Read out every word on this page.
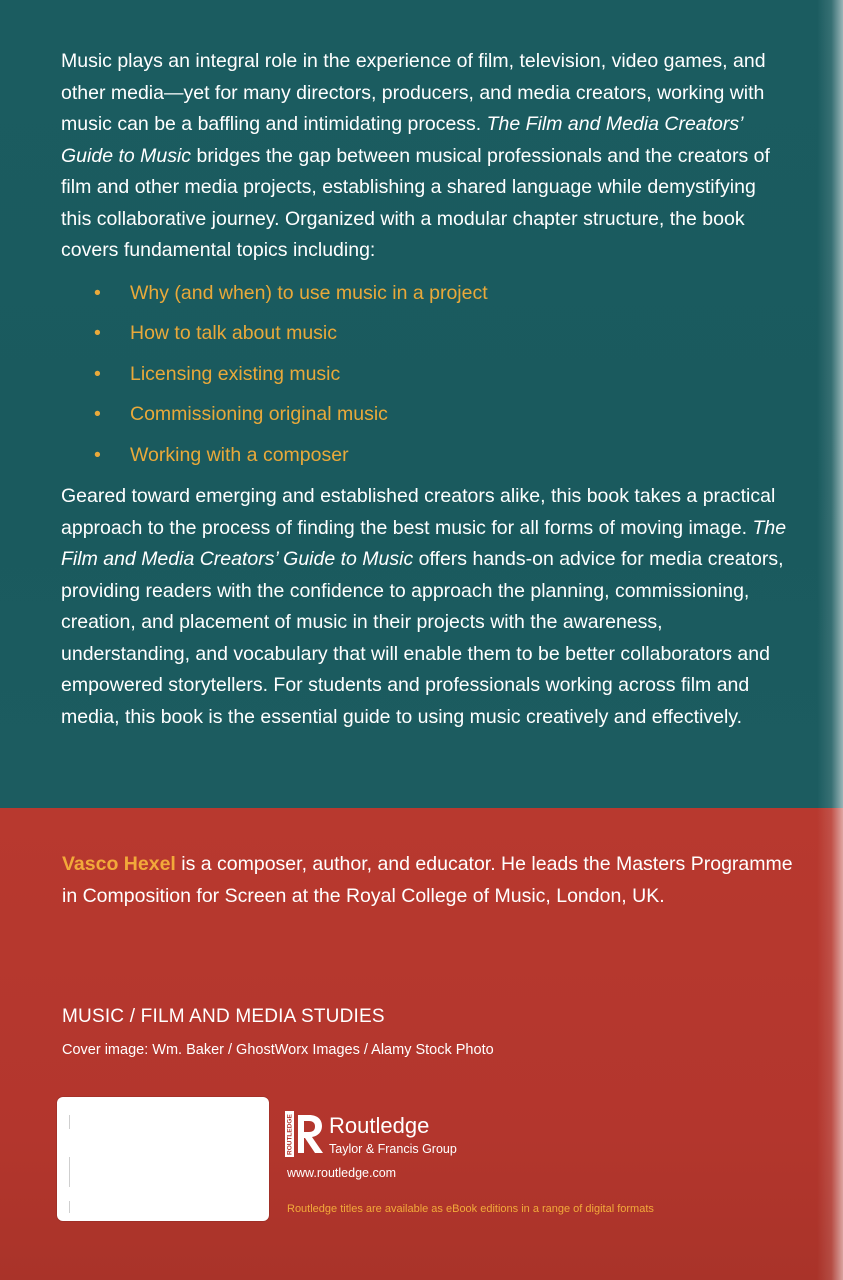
Music plays an integral role in the experience of film, television, video games, and other media—yet for many directors, producers, and media creators, working with music can be a baffling and intimidating process. The Film and Media Creators’ Guide to Music bridges the gap between musical professionals and the creators of film and other media projects, establishing a shared language while demystifying this collaborative journey. Organized with a modular chapter structure, the book covers fundamental topics including:

• Why (and when) to use music in a project
• How to talk about music
• Licensing existing music
• Commissioning original music
• Working with a composer

Geared toward emerging and established creators alike, this book takes a practical approach to the process of finding the best music for all forms of moving image. The Film and Media Creators’ Guide to Music offers hands-on advice for media creators, providing readers with the confidence to approach the planning, commissioning, creation, and placement of music in their projects with the awareness, understanding, and vocabulary that will enable them to be better collaborators and empowered storytellers. For students and professionals working across film and media, this book is the essential guide to using music creatively and effectively.

Vasco Hexel is a composer, author, and educator. He leads the Masters Programme in Composition for Screen at the Royal College of Music, London, UK.
MUSIC / FILM AND MEDIA STUDIES
Cover image: Wm. Baker / GhostWorx Images / Alamy Stock Photo
ROUTLEDGE Routledge
Taylor & Francis Group
www.routledge.com
Routledge titles are available as eBook editions in a range of digital formats
